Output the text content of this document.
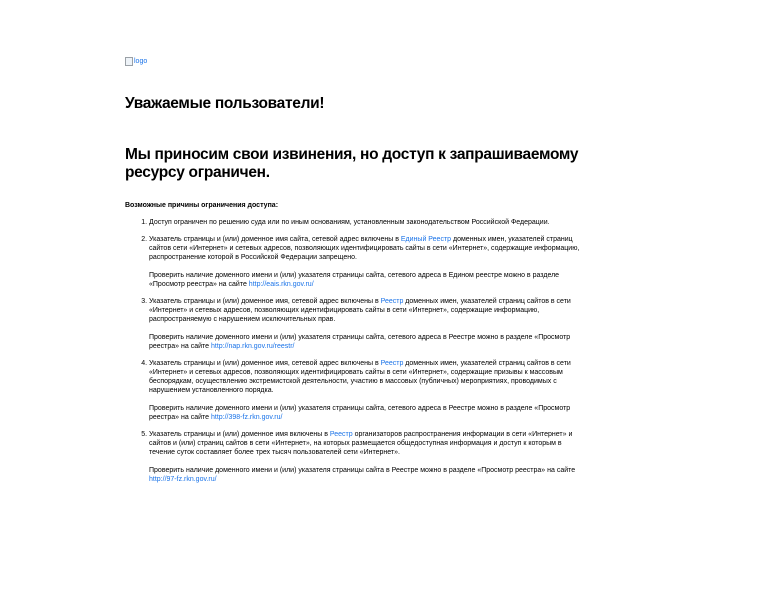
logo
Уважаемые пользователи!
Мы приносим свои извинения, но доступ к запрашиваемому ресурсу ограничен.

Возможные причины ограничения доступа:

1. Доступ ограничен по решению суда или по иным основаниям, установленным законодательством Российской Федерации.

2. Указатель страницы и (или) доменное имя сайта, сетевой адрес включены в Единый Реестр доменных имен, указателей страниц сайтов сети «Интернет» и сетевых адресов, позволяющих идентифицировать сайты в сети «Интернет», содержащие информацию, распространение которой в Российской Федерации запрещено.

Проверить наличие доменного имени и (или) указателя страницы сайта, сетевого адреса в Едином реестре можно в разделе «Просмотр реестра» на сайте http://eais.rkn.gov.ru/

3. Указатель страницы и (или) доменное имя, сетевой адрес включены в Реестр доменных имен, указателей страниц сайтов в сети «Интернет» и сетевых адресов, позволяющих идентифицировать сайты в сети «Интернет», содержащие информацию, распространяемую с нарушением исключительных прав.

Проверить наличие доменного имени и (или) указателя страницы сайта, сетевого адреса в Реестре можно в разделе «Просмотр реестра» на сайте http://nap.rkn.gov.ru/reestr/

4. Указатель страницы и (или) доменное имя, сетевой адрес включены в Реестр доменных имен, указателей страниц сайтов в сети «Интернет» и сетевых адресов, позволяющих идентифицировать сайты в сети «Интернет», содержащие призывы к массовым беспорядкам, осуществлению экстремистской деятельности, участию в массовых (публичных) мероприятиях, проводимых с нарушением установленного порядка.

Проверить наличие доменного имени и (или) указателя страницы сайта, сетевого адреса в Реестре можно в разделе «Просмотр реестра» на сайте http://398-fz.rkn.gov.ru/

5. Указатель страницы и (или) доменное имя включены в Реестр организаторов распространения информации в сети «Интернет» и сайтов и (или) страниц сайтов в сети «Интернет», на которых размещается общедоступная информация и доступ к которым в течение суток составляет более трех тысяч пользователей сети «Интернет».

Проверить наличие доменного имени и (или) указателя страницы сайта в Реестре можно в разделе «Просмотр реестра» на сайте http://97-fz.rkn.gov.ru/
